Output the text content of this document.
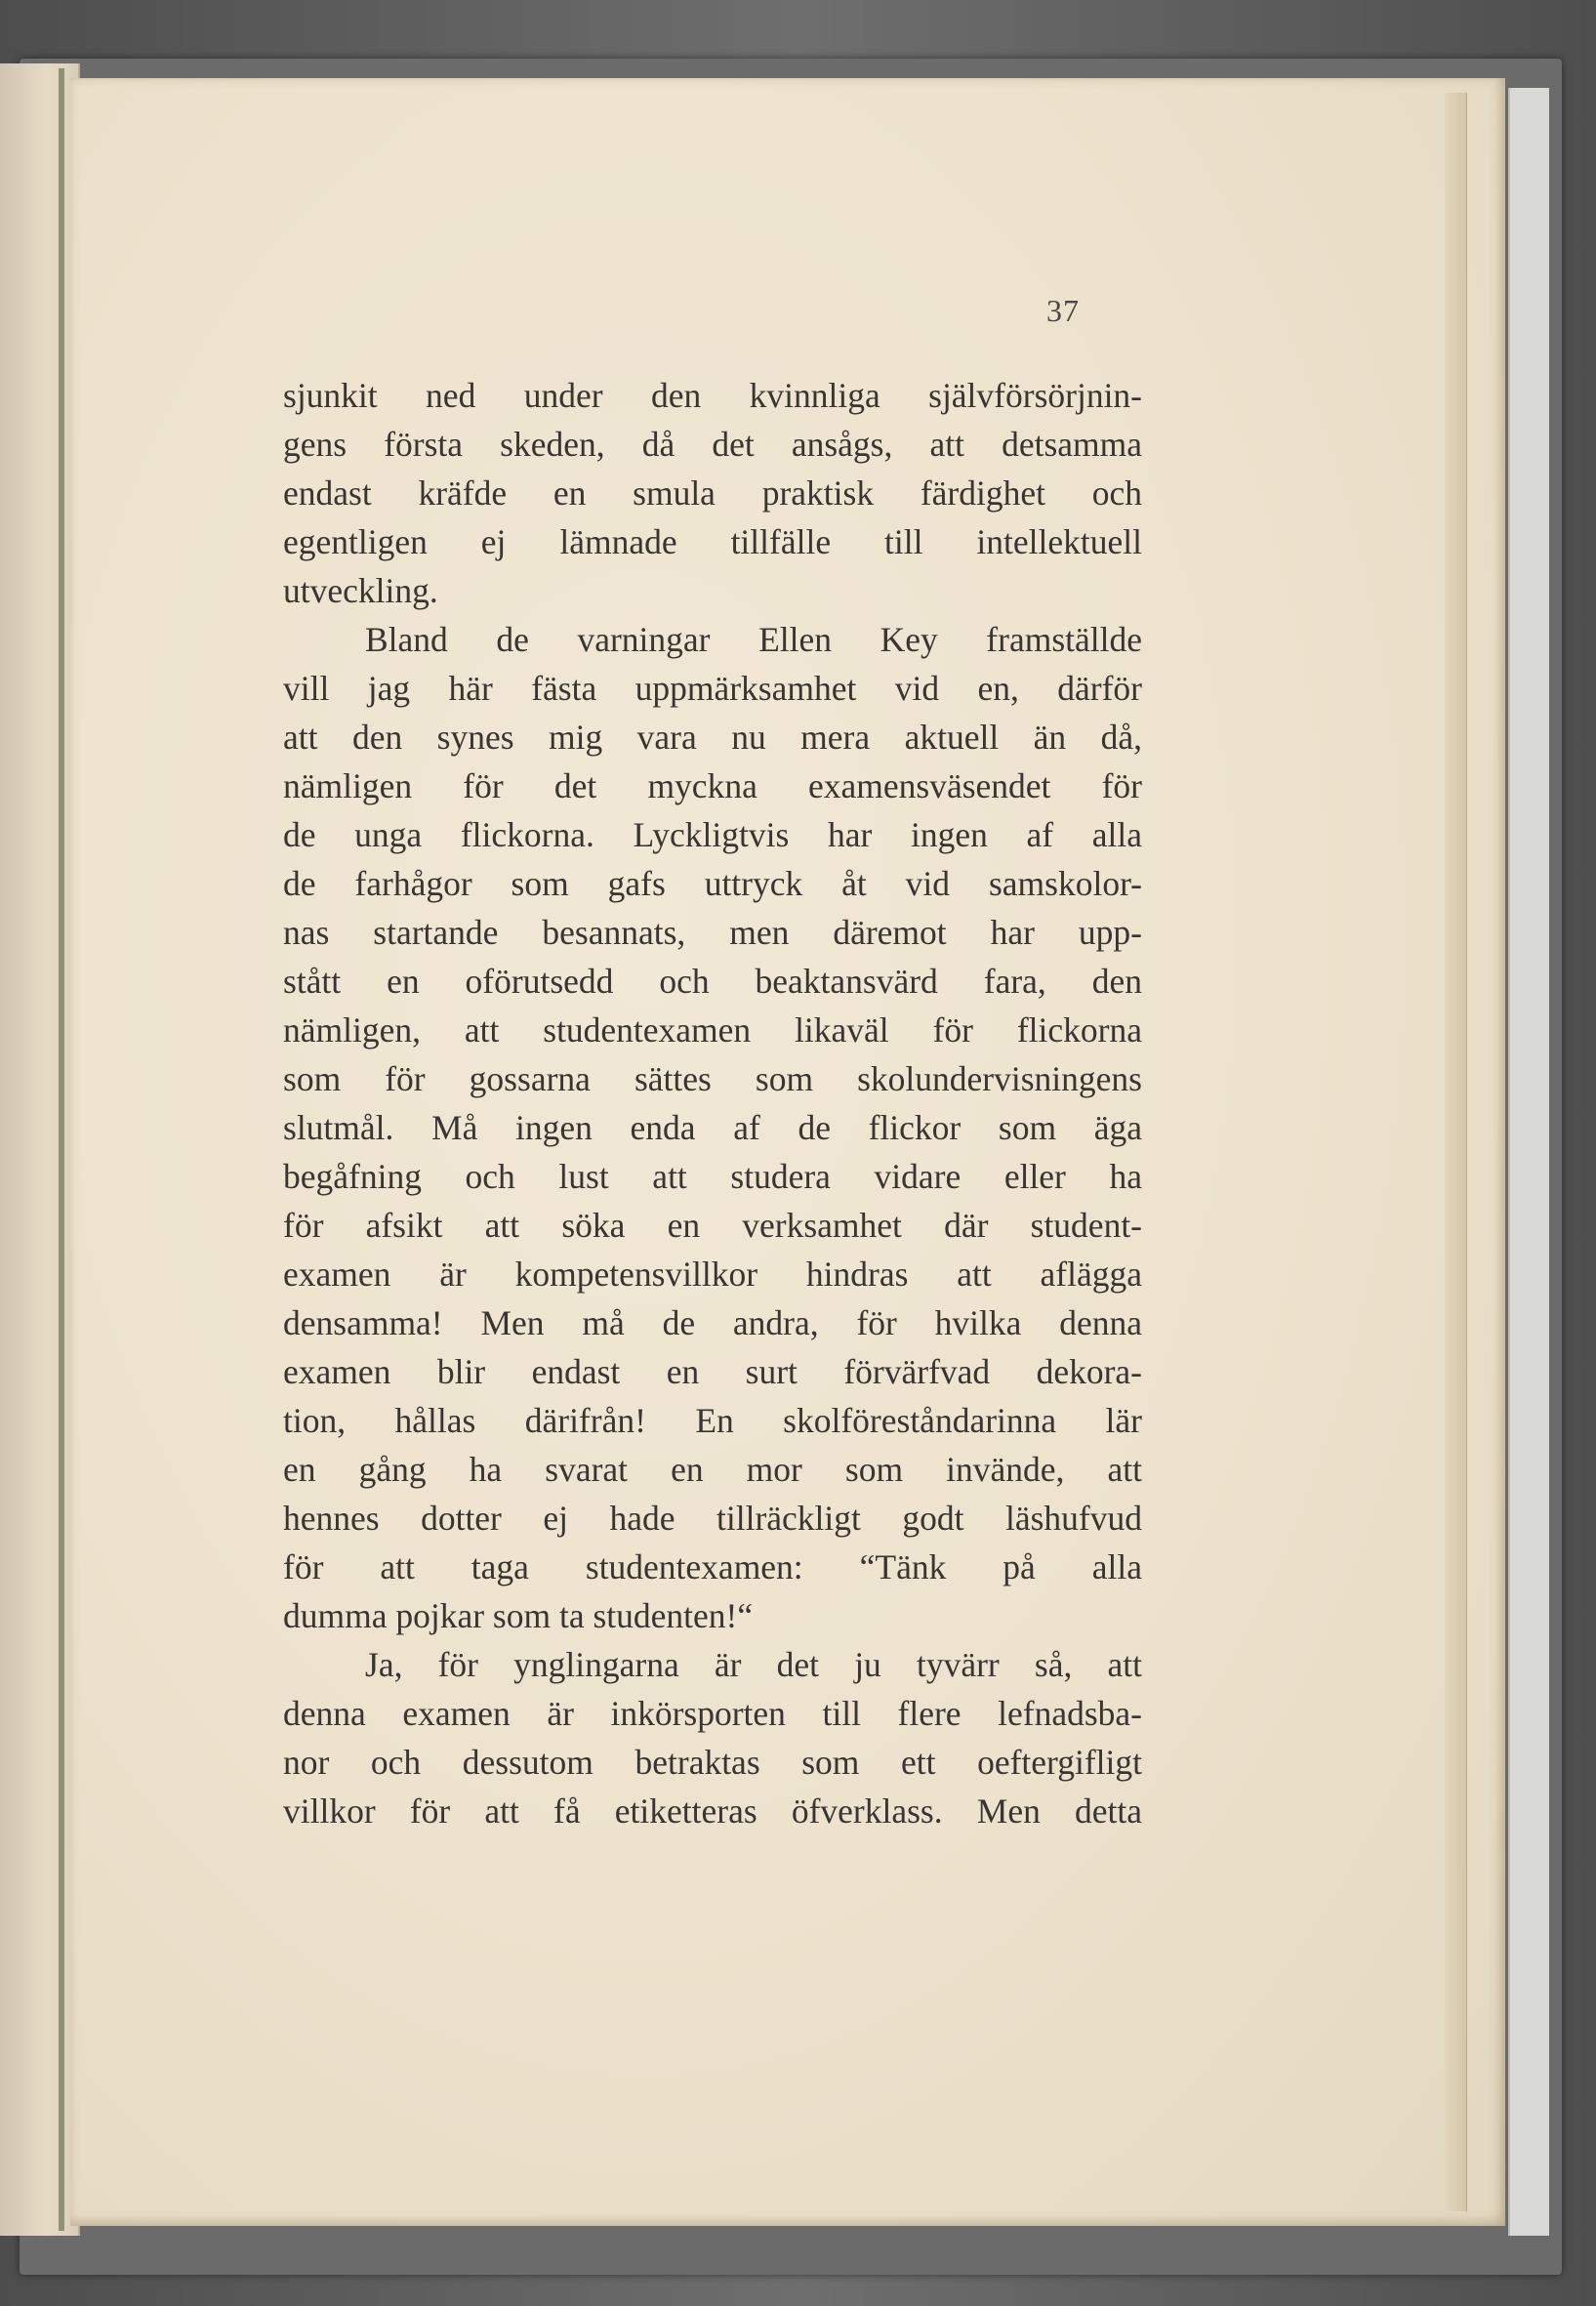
37
sjunkit ned under den kvinnliga självförsörjnin-
gens första skeden, då det ansågs, att detsamma
endast kräfde en smula praktisk färdighet och
egentligen ej lämnade tillfälle till intellektuell
utveckling.
Bland de varningar Ellen Key framställde
vill jag här fästa uppmärksamhet vid en, därför
att den synes mig vara nu mera aktuell än då,
nämligen för det myckna examensväsendet för
de unga flickorna. Lyckligtvis har ingen af alla
de farhågor som gafs uttryck åt vid samskolor-
nas startande besannats, men däremot har upp-
stått en oförutsedd och beaktansvärd fara, den
nämligen, att studentexamen likaväl för flickorna
som för gossarna sättes som skolundervisningens
slutmål. Må ingen enda af de flickor som äga
begåfning och lust att studera vidare eller ha
för afsikt att söka en verksamhet där student-
examen är kompetensvillkor hindras att aflägga
densamma! Men må de andra, för hvilka denna
examen blir endast en surt förvärfvad dekora-
tion, hållas därifrån! En skolföreståndarinna lär
en gång ha svarat en mor som invände, att
hennes dotter ej hade tillräckligt godt läshufvud
för att taga studentexamen: “Tänk på alla
dumma pojkar som ta studenten!“
Ja, för ynglingarna är det ju tyvärr så, att
denna examen är inkörsporten till flere lefnadsba-
nor och dessutom betraktas som ett oeftergifligt
villkor för att få etiketteras öfverklass. Men detta
